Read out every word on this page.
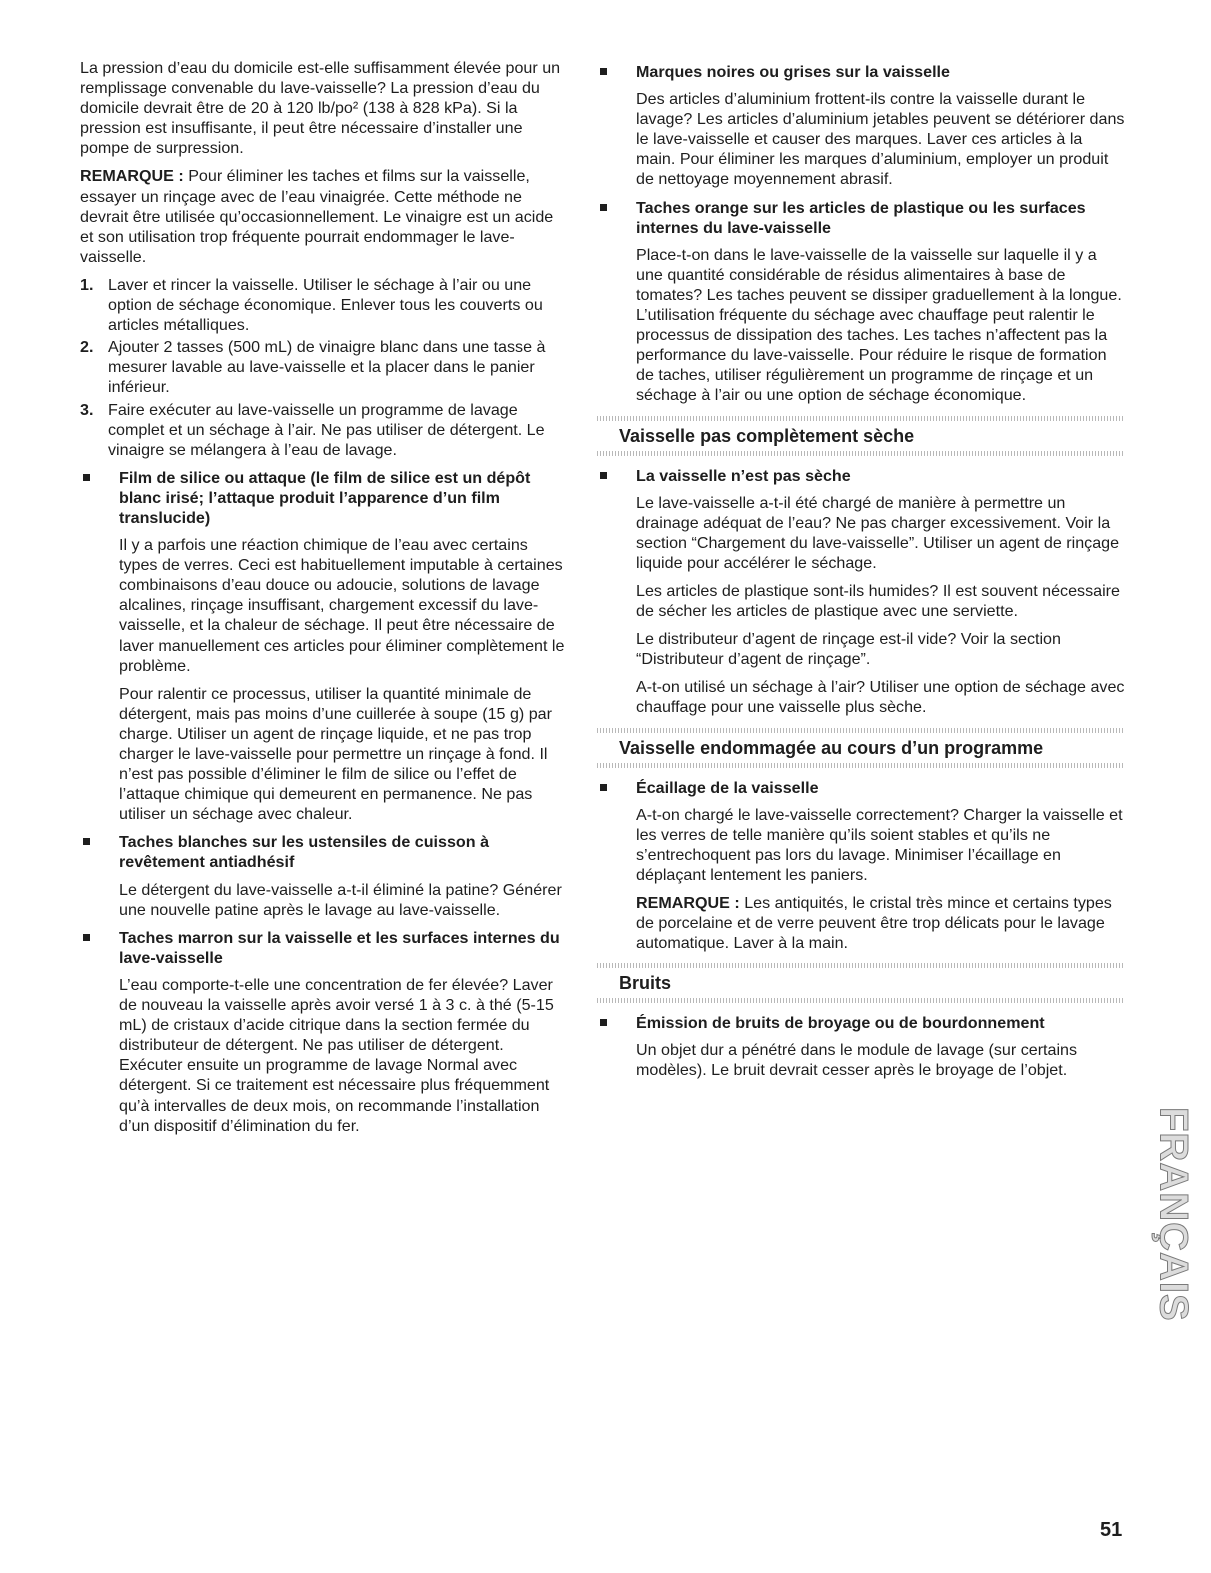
La pression d’eau du domicile est-elle suffisamment élevée pour un remplissage convenable du lave-vaisselle? La pression d’eau du domicile devrait être de 20 à 120 lb/po² (138 à 828 kPa). Si la pression est insuffisante, il peut être nécessaire d’installer une pompe de surpression.

REMARQUE : Pour éliminer les taches et films sur la vaisselle, essayer un rinçage avec de l’eau vinaigrée. Cette méthode ne devrait être utilisée qu’occasionnellement. Le vinaigre est un acide et son utilisation trop fréquente pourrait endommager le lave-vaisselle.

1. Laver et rincer la vaisselle. Utiliser le séchage à l’air ou une option de séchage économique. Enlever tous les couverts ou articles métalliques.
2. Ajouter 2 tasses (500 mL) de vinaigre blanc dans une tasse à mesurer lavable au lave-vaisselle et la placer dans le panier inférieur.
3. Faire exécuter au lave-vaisselle un programme de lavage complet et un séchage à l’air. Ne pas utiliser de détergent. Le vinaigre se mélangera à l’eau de lavage.
Film de silice ou attaque (le film de silice est un dépôt blanc irisé; l’attaque produit l’apparence d’un film translucide)

Il y a parfois une réaction chimique de l’eau avec certains types de verres. Ceci est habituellement imputable à certaines combinaisons d’eau douce ou adoucie, solutions de lavage alcalines, rinçage insuffisant, chargement excessif du lave-vaisselle, et la chaleur de séchage. Il peut être nécessaire de laver manuellement ces articles pour éliminer complètement le problème.

Pour ralentir ce processus, utiliser la quantité minimale de détergent, mais pas moins d’une cuillerée à soupe (15 g) par charge. Utiliser un agent de rinçage liquide, et ne pas trop charger le lave-vaisselle pour permettre un rinçage à fond. Il n’est pas possible d’éliminer le film de silice ou l’effet de l’attaque chimique qui demeurent en permanence. Ne pas utiliser un séchage avec chaleur.

Taches blanches sur les ustensiles de cuisson à revêtement antiadhésif

Le détergent du lave-vaisselle a-t-il éliminé la patine? Générer une nouvelle patine après le lavage au lave-vaisselle.

Taches marron sur la vaisselle et les surfaces internes du lave-vaisselle

L’eau comporte-t-elle une concentration de fer élevée? Laver de nouveau la vaisselle après avoir versé 1 à 3 c. à thé (5-15 mL) de cristaux d’acide citrique dans la section fermée du distributeur de détergent. Ne pas utiliser de détergent. Exécuter ensuite un programme de lavage Normal avec détergent. Si ce traitement est nécessaire plus fréquemment qu’à intervalles de deux mois, on recommande l’installation d’un dispositif d’élimination du fer.

Marques noires ou grises sur la vaisselle

Des articles d’aluminium frottent-ils contre la vaisselle durant le lavage? Les articles d’aluminium jetables peuvent se détériorer dans le lave-vaisselle et causer des marques. Laver ces articles à la main. Pour éliminer les marques d’aluminium, employer un produit de nettoyage moyennement abrasif.

Taches orange sur les articles de plastique ou les surfaces internes du lave-vaisselle

Place-t-on dans le lave-vaisselle de la vaisselle sur laquelle il y a une quantité considérable de résidus alimentaires à base de tomates? Les taches peuvent se dissiper graduellement à la longue. L’utilisation fréquente du séchage avec chauffage peut ralentir le processus de dissipation des taches. Les taches n’affectent pas la performance du lave-vaisselle. Pour réduire le risque de formation de taches, utiliser régulièrement un programme de rinçage et un séchage à l’air ou une option de séchage économique.

Vaisselle pas complètement sèche
La vaisselle n’est pas sèche

Le lave-vaisselle a-t-il été chargé de manière à permettre un drainage adéquat de l’eau? Ne pas charger excessivement. Voir la section “Chargement du lave-vaisselle”. Utiliser un agent de rinçage liquide pour accélérer le séchage.

Les articles de plastique sont-ils humides? Il est souvent nécessaire de sécher les articles de plastique avec une serviette.

Le distributeur d’agent de rinçage est-il vide? Voir la section “Distributeur d’agent de rinçage”.

A-t-on utilisé un séchage à l’air? Utiliser une option de séchage avec chauffage pour une vaisselle plus sèche.

Vaisselle endommagée au cours d’un programme
Écaillage de la vaisselle

A-t-on chargé le lave-vaisselle correctement? Charger la vaisselle et les verres de telle manière qu’ils soient stables et qu’ils ne s’entrechoquent pas lors du lavage. Minimiser l’écaillage en déplaçant lentement les paniers.

REMARQUE : Les antiquités, le cristal très mince et certains types de porcelaine et de verre peuvent être trop délicats pour le lavage automatique. Laver à la main.

Bruits
Émission de bruits de broyage ou de bourdonnement

Un objet dur a pénétré dans le module de lavage (sur certains modèles). Le bruit devrait cesser après le broyage de l’objet.

FRANÇAIS
51
